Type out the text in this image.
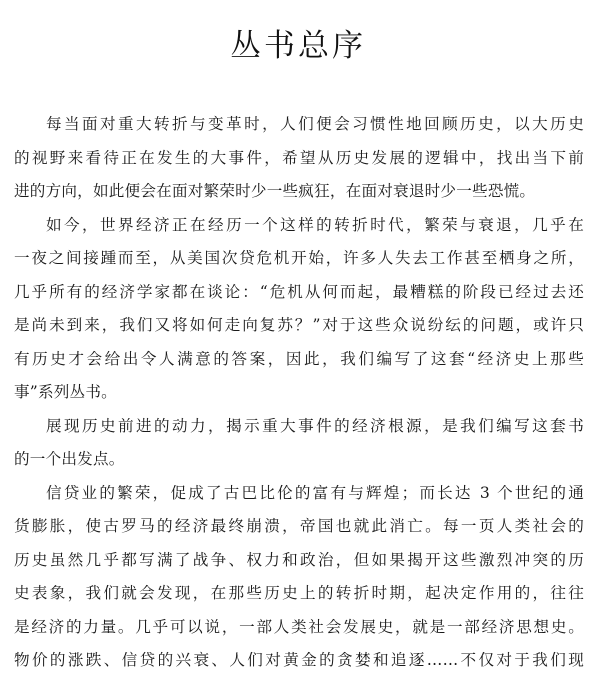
丛书总序
每当面对重大转折与变革时，人们便会习惯性地回顾历史，以大历史
的视野来看待正在发生的大事件，希望从历史发展的逻辑中，找出当下前
进的方向，如此便会在面对繁荣时少一些疯狂，在面对衰退时少一些恐慌。
如今，世界经济正在经历一个这样的转折时代，繁荣与衰退，几乎在
一夜之间接踵而至，从美国次贷危机开始，许多人失去工作甚至栖身之所，
几乎所有的经济学家都在谈论：“危机从何而起，最糟糕的阶段已经过去还
是尚未到来，我们又将如何走向复苏？”对于这些众说纷纭的问题，或许只
有历史才会给出令人满意的答案，因此，我们编写了这套“经济史上那些
事”系列丛书。
展现历史前进的动力，揭示重大事件的经济根源，是我们编写这套书
的一个出发点。
信贷业的繁荣，促成了古巴比伦的富有与辉煌；而长达 3 个世纪的通
货膨胀，使古罗马的经济最终崩溃，帝国也就此消亡。每一页人类社会的
历史虽然几乎都写满了战争、权力和政治，但如果揭开这些激烈冲突的历
史表象，我们就会发现，在那些历史上的转折时期，起决定作用的，往往
是经济的力量。几乎可以说，一部人类社会发展史，就是一部经济思想史。
物价的涨跌、信贷的兴衰、人们对黄金的贪婪和追逐……不仅对于我们现
